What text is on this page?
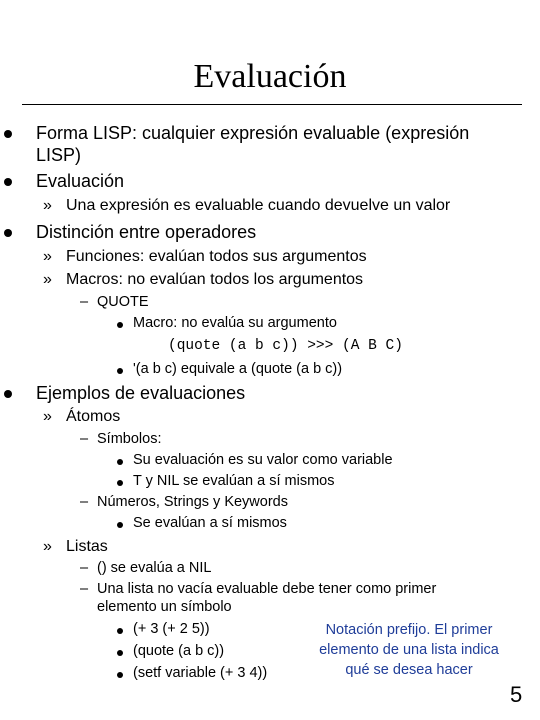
Evaluación
Forma LISP: cualquier expresión evaluable (expresión
LISP)
Evaluación
» Una expresión es evaluable cuando devuelve un valor
Distinción entre operadores
» Funciones: evalúan todos sus argumentos
» Macros: no evalúan todos los argumentos
– QUOTE
Macro: no evalúa su argumento
(quote (a b c)) >>> (A B C)
'(a b c) equivale a (quote (a b c))
Ejemplos de evaluaciones
» Átomos
– Símbolos:
Su evaluación es su valor como variable
T y NIL se evalúan a sí mismos
– Números, Strings y Keywords
Se evalúan a sí mismos
» Listas
– () se evalúa a NIL
– Una lista no vacía evaluable debe tener como primer
elemento un símbolo
(+ 3 (+ 2 5))
(quote (a b c))
(setf variable (+ 3 4))
Notación prefijo. El primer
elemento de una lista indica
qué se desea hacer
5
